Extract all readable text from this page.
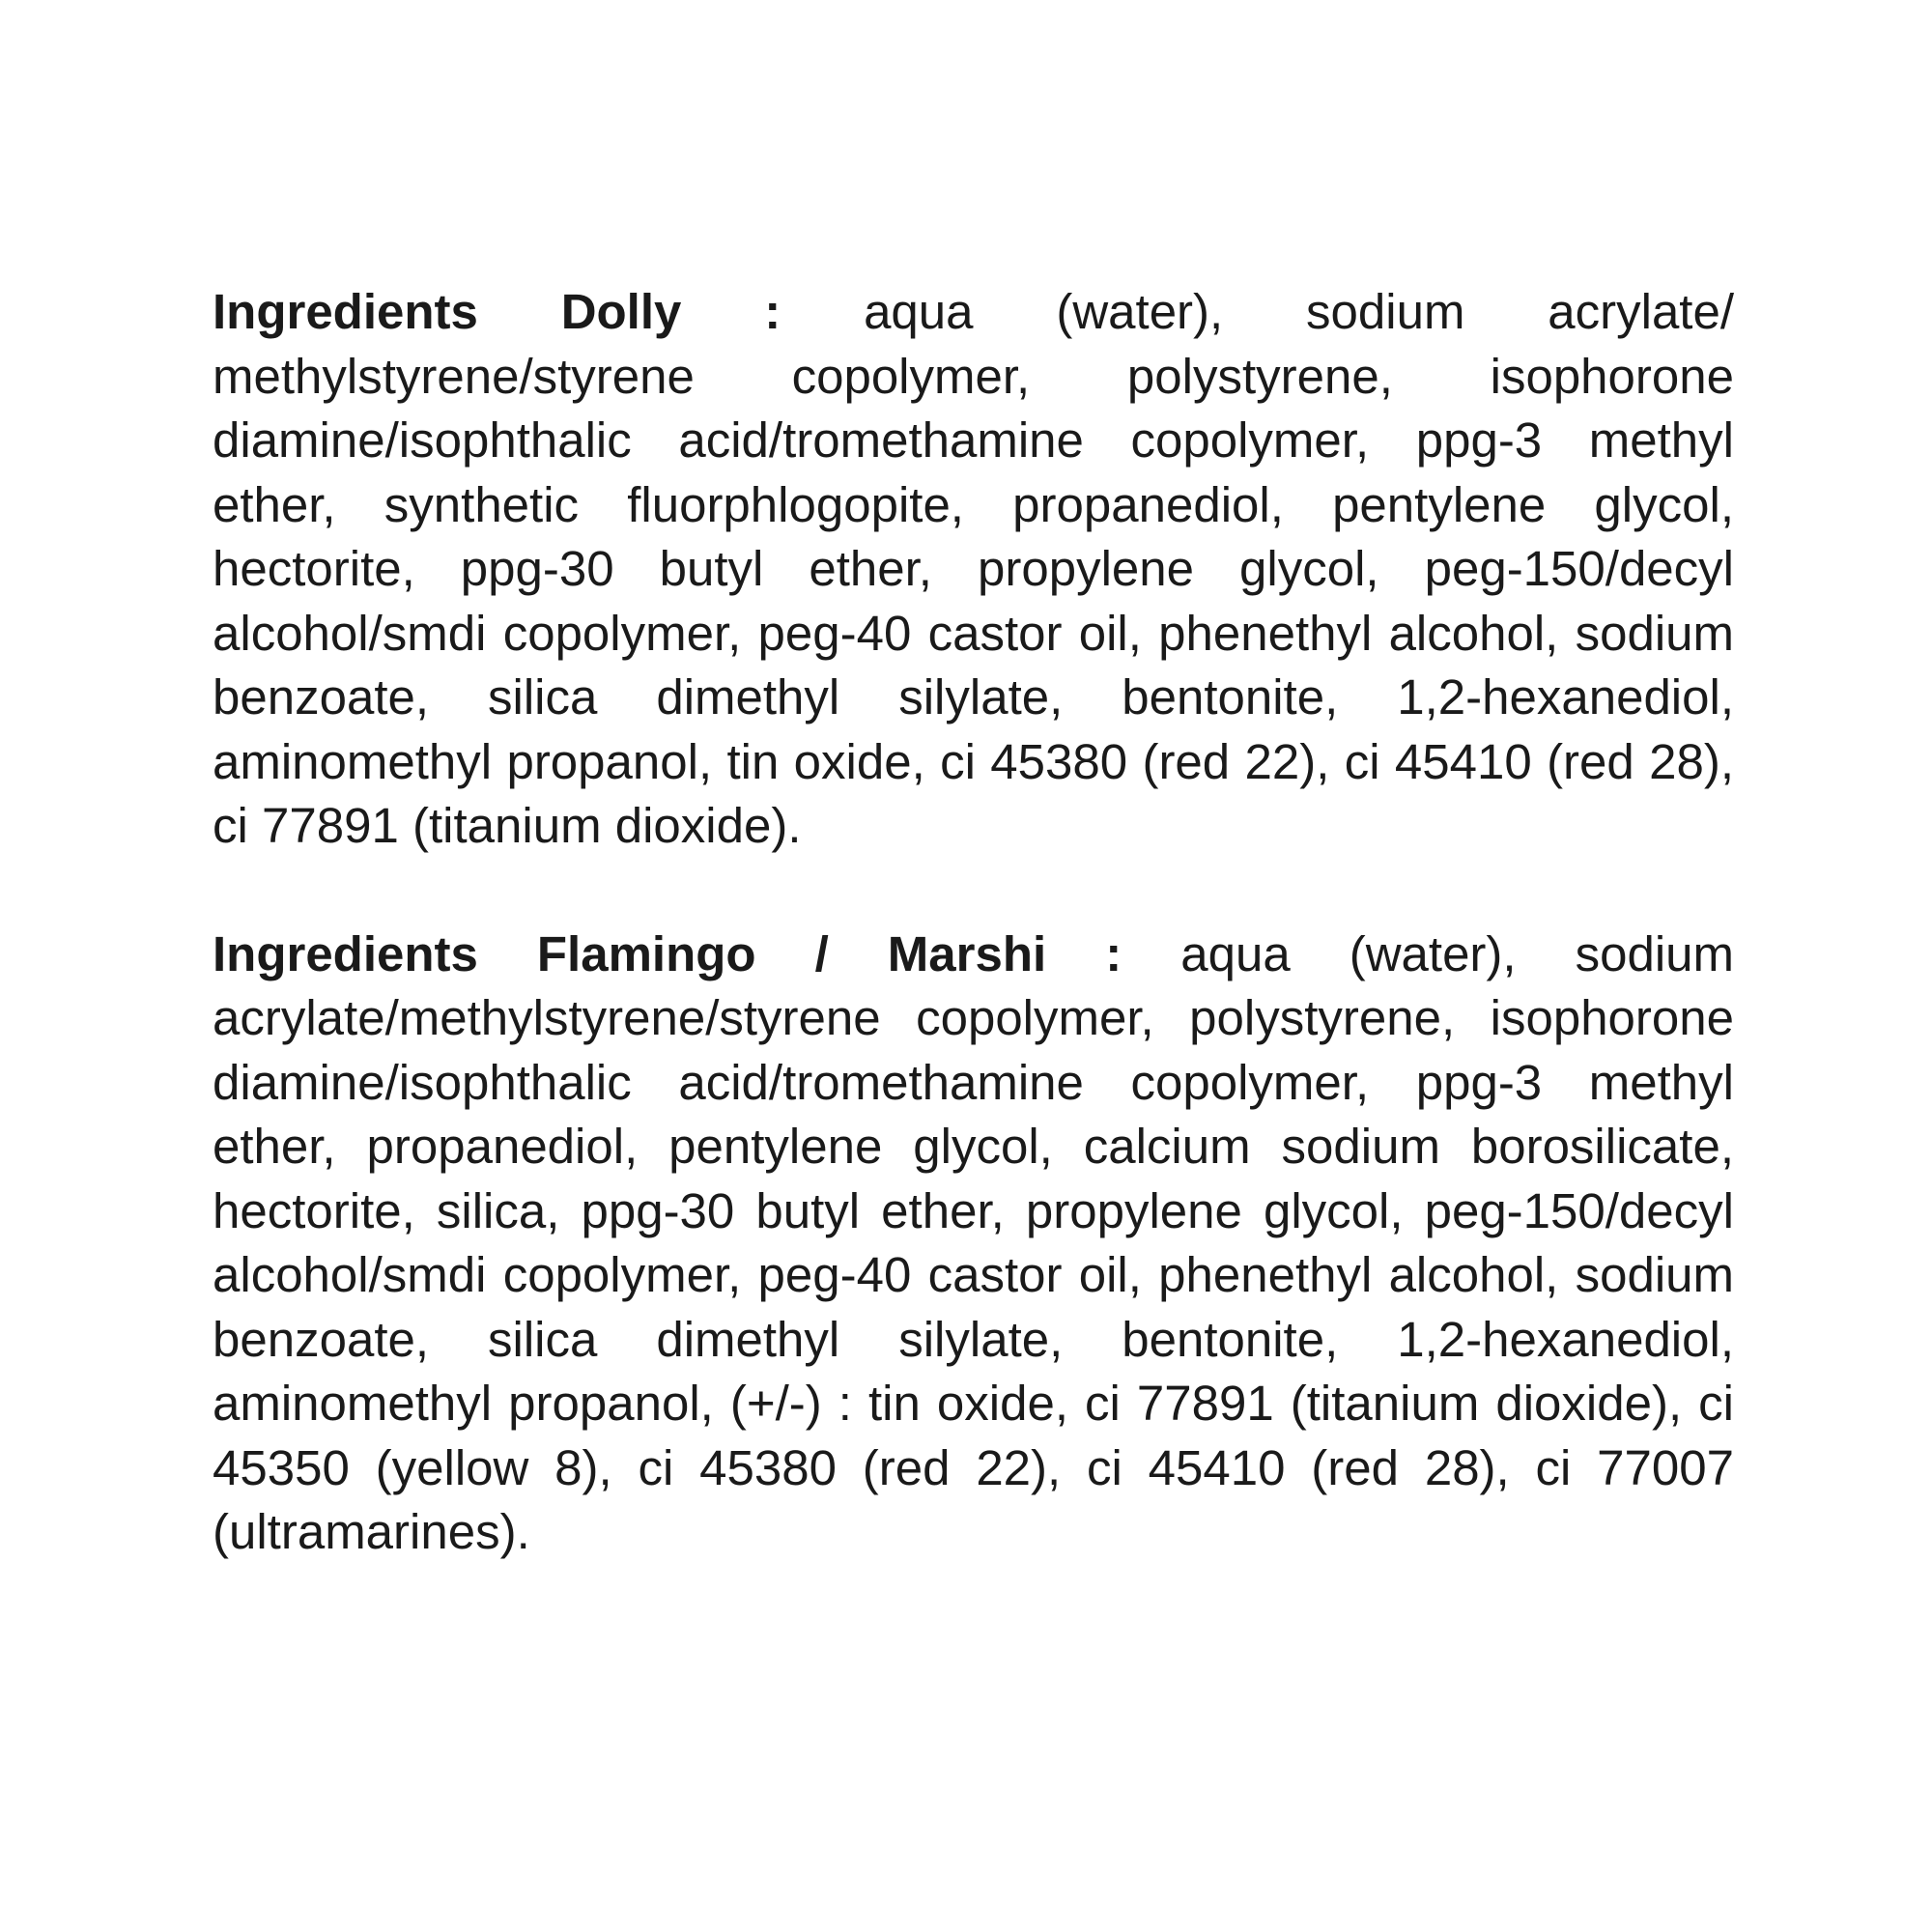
Ingredients Dolly : aqua (water), sodium acrylate/ methylstyrene/styrene copolymer, polystyrene, isophorone diamine/isophthalic acid/tromethamine copolymer, ppg-3 methyl ether, synthetic fluorphlogopite, propanediol, pentylene glycol, hectorite, ppg-30 butyl ether, propylene glycol, peg-150/decyl alcohol/smdi copolymer, peg-40 castor oil, phenethyl alcohol, sodium benzoate, silica dimethyl silylate, bentonite, 1,2-hexanediol, aminomethyl propanol, tin oxide, ci 45380 (red 22), ci 45410 (red 28), ci 77891 (titanium dioxide).

Ingredients Flamingo / Marshi : aqua (water), sodium acrylate/methylstyrene/styrene copolymer, polystyrene, isophorone diamine/isophthalic acid/tromethamine copolymer, ppg-3 methyl ether, propanediol, pentylene glycol, calcium sodium borosilicate, hectorite, silica, ppg-30 butyl ether, propylene glycol, peg-150/decyl alcohol/smdi copolymer, peg-40 castor oil, phenethyl alcohol, sodium benzoate, silica dimethyl silylate, bentonite, 1,2-hexanediol, aminomethyl propanol, (+/-) : tin oxide, ci 77891 (titanium dioxide), ci 45350 (yellow 8), ci 45380 (red 22), ci 45410 (red 28), ci 77007 (ultramarines).
